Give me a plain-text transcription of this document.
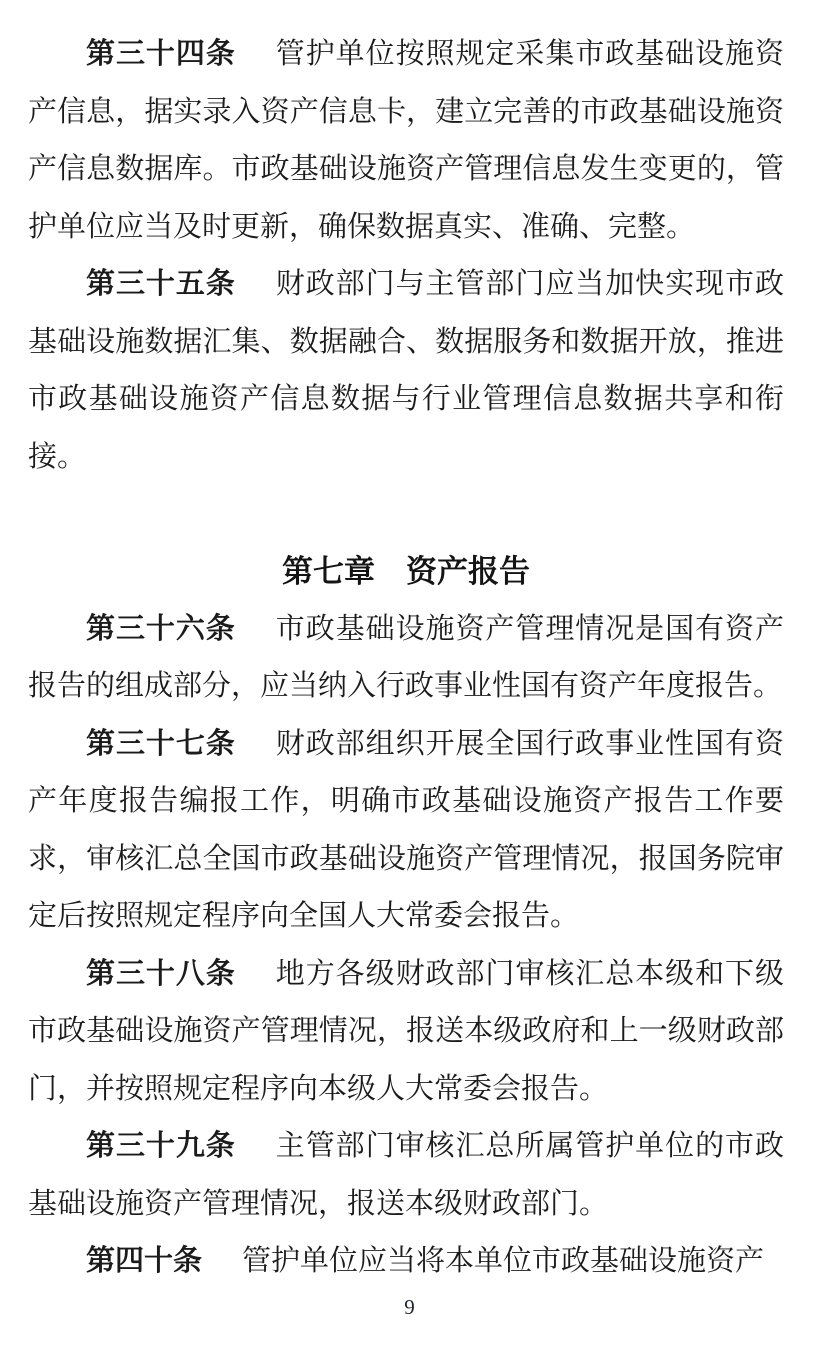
第三十四条 管护单位按照规定采集市政基础设施资产信息，据实录入资产信息卡，建立完善的市政基础设施资产信息数据库。市政基础设施资产管理信息发生变更的，管护单位应当及时更新，确保数据真实、准确、完整。

第三十五条 财政部门与主管部门应当加快实现市政基础设施数据汇集、数据融合、数据服务和数据开放，推进市政基础设施资产信息数据与行业管理信息数据共享和衔接。

第七章 资产报告

第三十六条 市政基础设施资产管理情况是国有资产报告的组成部分，应当纳入行政事业性国有资产年度报告。

第三十七条 财政部组织开展全国行政事业性国有资产年度报告编报工作，明确市政基础设施资产报告工作要求，审核汇总全国市政基础设施资产管理情况，报国务院审定后按照规定程序向全国人大常委会报告。

第三十八条 地方各级财政部门审核汇总本级和下级市政基础设施资产管理情况，报送本级政府和上一级财政部门，并按照规定程序向本级人大常委会报告。

第三十九条 主管部门审核汇总所属管护单位的市政基础设施资产管理情况，报送本级财政部门。

第四十条 管护单位应当将本单位市政基础设施资产

9
